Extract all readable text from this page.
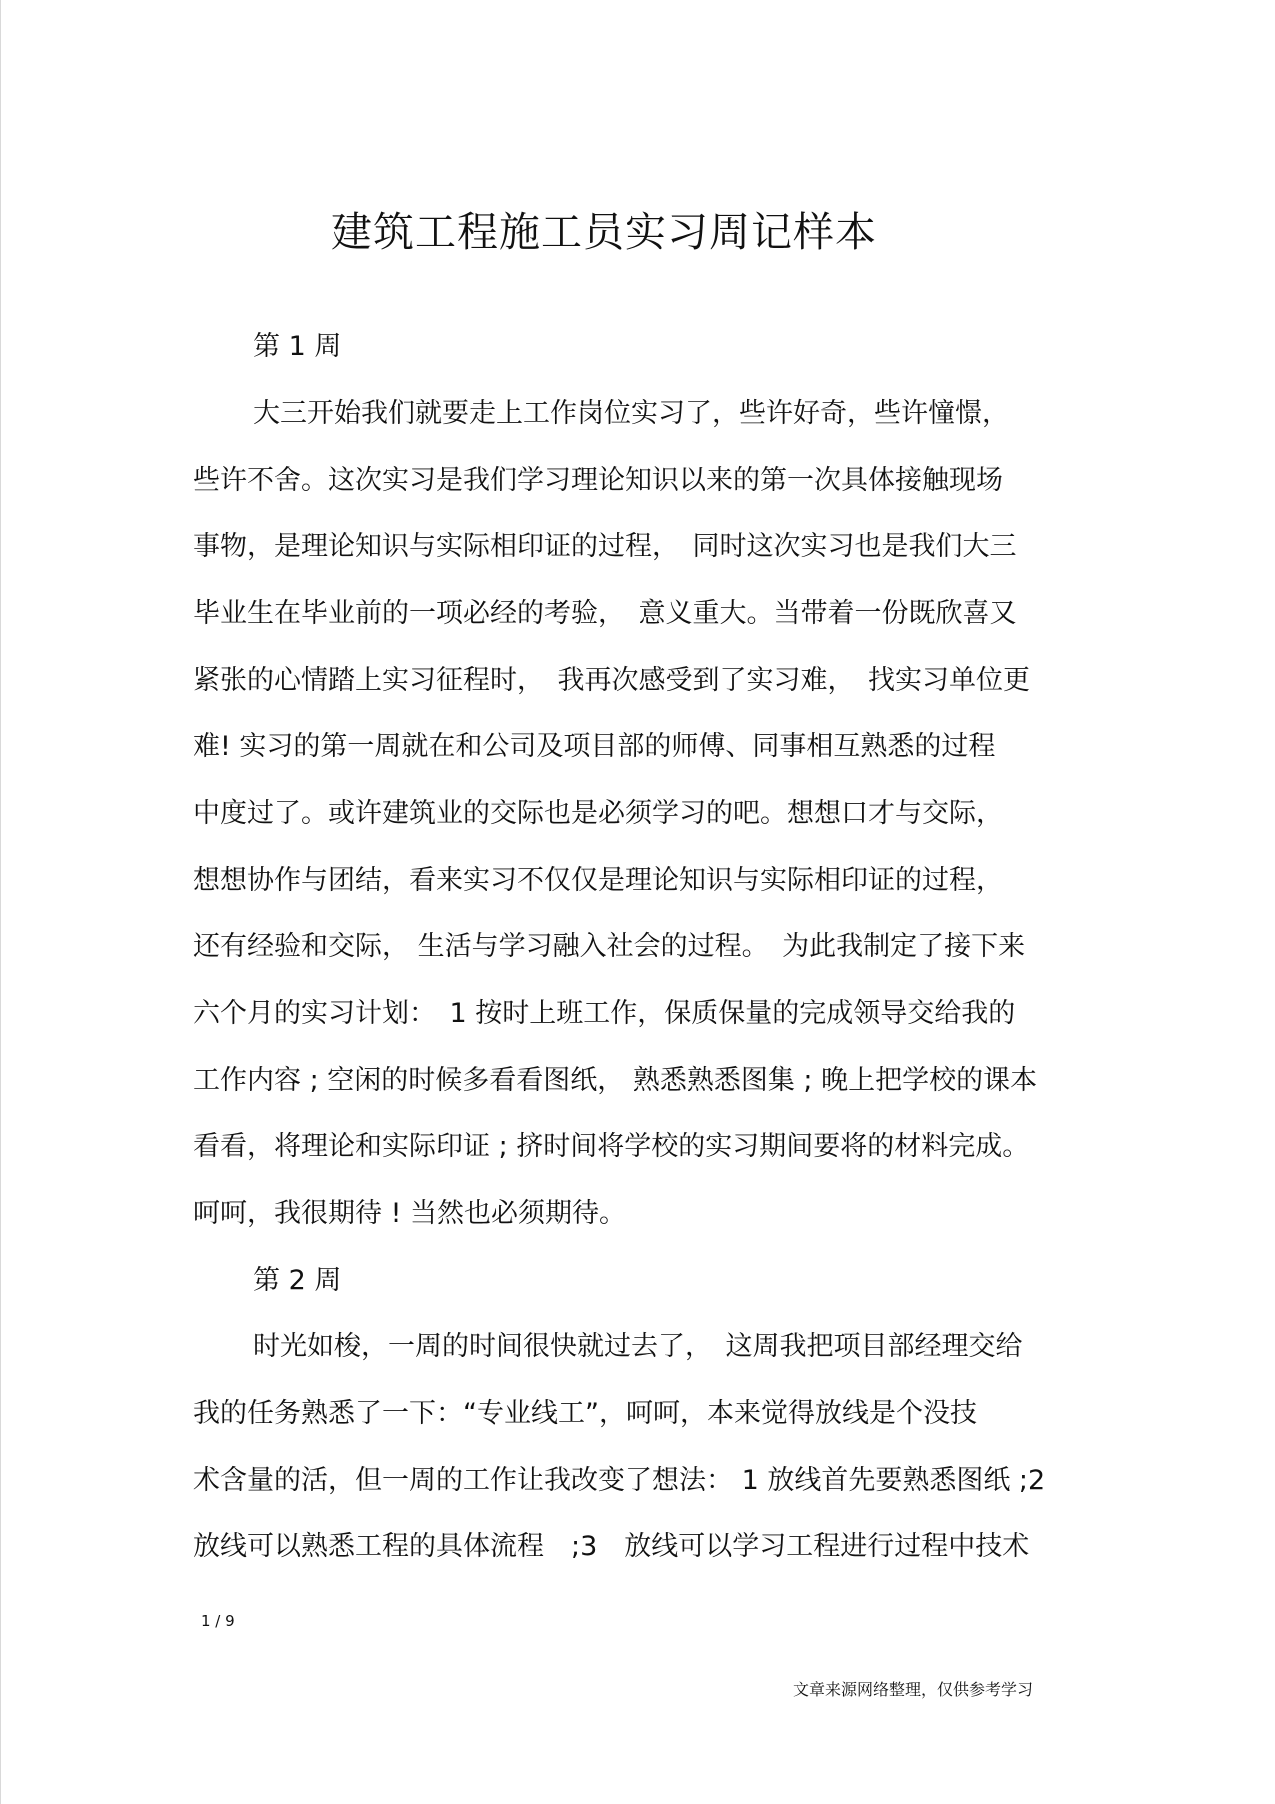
建筑工程施工员实习周记样本
第 1 周
大三开始我们就要走上工作岗位实习了，些许好奇，些许憧憬，
些许不舍。这次实习是我们学习理论知识以来的第一次具体接触现场
事物，是理论知识与实际相印证的过程，　同时这次实习也是我们大三
毕业生在毕业前的一项必经的考验，　意义重大。当带着一份既欣喜又
紧张的心情踏上实习征程时，　我再次感受到了实习难，　找实习单位更
难! 实习的第一周就在和公司及项目部的师傅、同事相互熟悉的过程
中度过了。或许建筑业的交际也是必须学习的吧。想想口才与交际，
想想协作与团结，看来实习不仅仅是理论知识与实际相印证的过程，
还有经验和交际， 生活与学习融入社会的过程。　为此我制定了接下来
六个月的实习计划：　1 按时上班工作，保质保量的完成领导交给我的
工作内容 ; 空闲的时候多看看图纸， 熟悉熟悉图集 ; 晚上把学校的课本
看看，将理论和实际印证 ; 挤时间将学校的实习期间要将的材料完成。
呵呵，我很期待 ! 当然也必须期待。
第 2 周
时光如梭，一周的时间很快就过去了，　这周我把项目部经理交给
我的任务熟悉了一下：“专业线工”，呵呵，本来觉得放线是个没技
术含量的活，但一周的工作让我改变了想法： 1 放线首先要熟悉图纸 ;2
放线可以熟悉工程的具体流程　;3　放线可以学习工程进行过程中技术
1 / 9
文章来源网络整理，仅供参考学习
